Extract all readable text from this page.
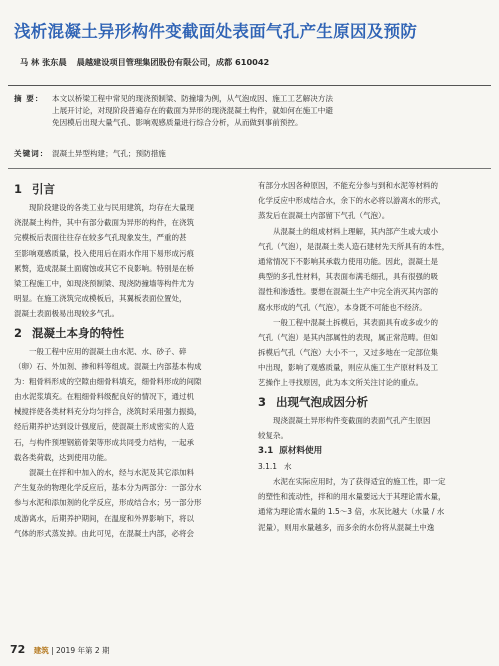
浅析混凝土异形构件变截面处表面气孔产生原因及预防
马 林 张东晨 晨越建设项目管理集团股份有限公司，成都 610042
摘 要：	本文以桥梁工程中常见的现浇预制梁、防撞墙为例，从气泡成因、施工工艺解决方法
上展开讨论，对现阶段普遍存在的截面为异形的现浇混凝土构件，就如何在施工中避
免因模后出现大量气孔、影响观感质量进行综合分析，从而做到事前预控。
关键词： 混凝土异型构建；气孔；预防措施
1 引言
现阶段建设的各类工业与民用建筑，均存在大量现
浇混凝土构件，其中有部分截面为异形的构件，在浇筑
完模板后表面往往存在较多气孔现象发生，严重的甚
至影响观感质量，投入使用后在雨水作用下易形成污痕
累赘，造成混凝土面腐蚀或其它不良影响。特别是在桥
梁工程施工中，如现浇预制梁、现浇防撞墙等构件尤为
明显。在施工浇筑完成模板后，其翼板表面位置处，
混凝土表面极易出现较多气孔。
2 混凝土本身的特性
一般工程中应用的混凝土由水泥、水、砂子、碎
（卵）石、外加剂、掺和料等组成。混凝土内部基本构成
为：粗骨料形成的空隙由细骨料填充，细骨料形成的间隙
由水泥浆填充。在粗细骨料级配良好的情况下，通过机
械搅拌使各类材料充分均匀拌合，浇筑时采用强力振捣，
经后期养护达到设计强度后，使混凝土形成密实的人造
石，与构件预埋钢筋骨架等形成共同受力结构，一起承
载各类荷载，达到使用功能。
混凝土在拌和中加入的水，经与水泥及其它添加料
产生复杂的物理化学反应后，基本分为两部分：一部分水
参与水泥和添加剂的化学反应，形成结合水；另一部分形
成游离水，后期养护期间，在温度和外界影响下，将以
气体的形式蒸发掉。由此可见，在混凝土内部，必将会
有部分水因各种原因，不能充分参与到和水泥等材料的
化学反应中形成结合水，余下的水必将以游离水的形式，
蒸发后在混凝土内部留下气孔（气泡）。
从混凝土的组成材料上理解，其内部产生或大或小
气孔（气泡），是混凝土类人造石建材先天所具有的本性，
通常情况下不影响其承载力使用功能。因此，混凝土是
典型的多孔性材料，其表面布满毛细孔，具有很强的吸
湿性和渗透性。要想在混凝土生产中完全消灭其内部的
腐水形成的气孔（气泡），本身既不可能也不经济。
一般工程中混凝土拆模后，其表面具有或多或少的
气孔（气泡）是其内部属性的表现，属正常范畴。但如
拆模后气孔（气泡）大小不一，又过多地在一定部位集
中出现，影响了观感质量，则应从施工生产原材料及工
艺操作上寻找原因，此为本文所关注讨论的重点。
3 出现气泡成因分析
现浇混凝土异形构件变截面的表面气孔产生原因
较复杂。
3.1 原材料使用
3.1.1 水
水泥在实际应用时，为了获得适宜的施工性，即一定
的塑性和流动性，拌和的用水量要远大于其理论需水量，
通常为理论需水量的 1.5～3 倍，水灰比越大（水量 / 水
泥量），则用水量越多，而多余的水份将从混凝土中逸
72 建筑 | 2019 年第 2 期
